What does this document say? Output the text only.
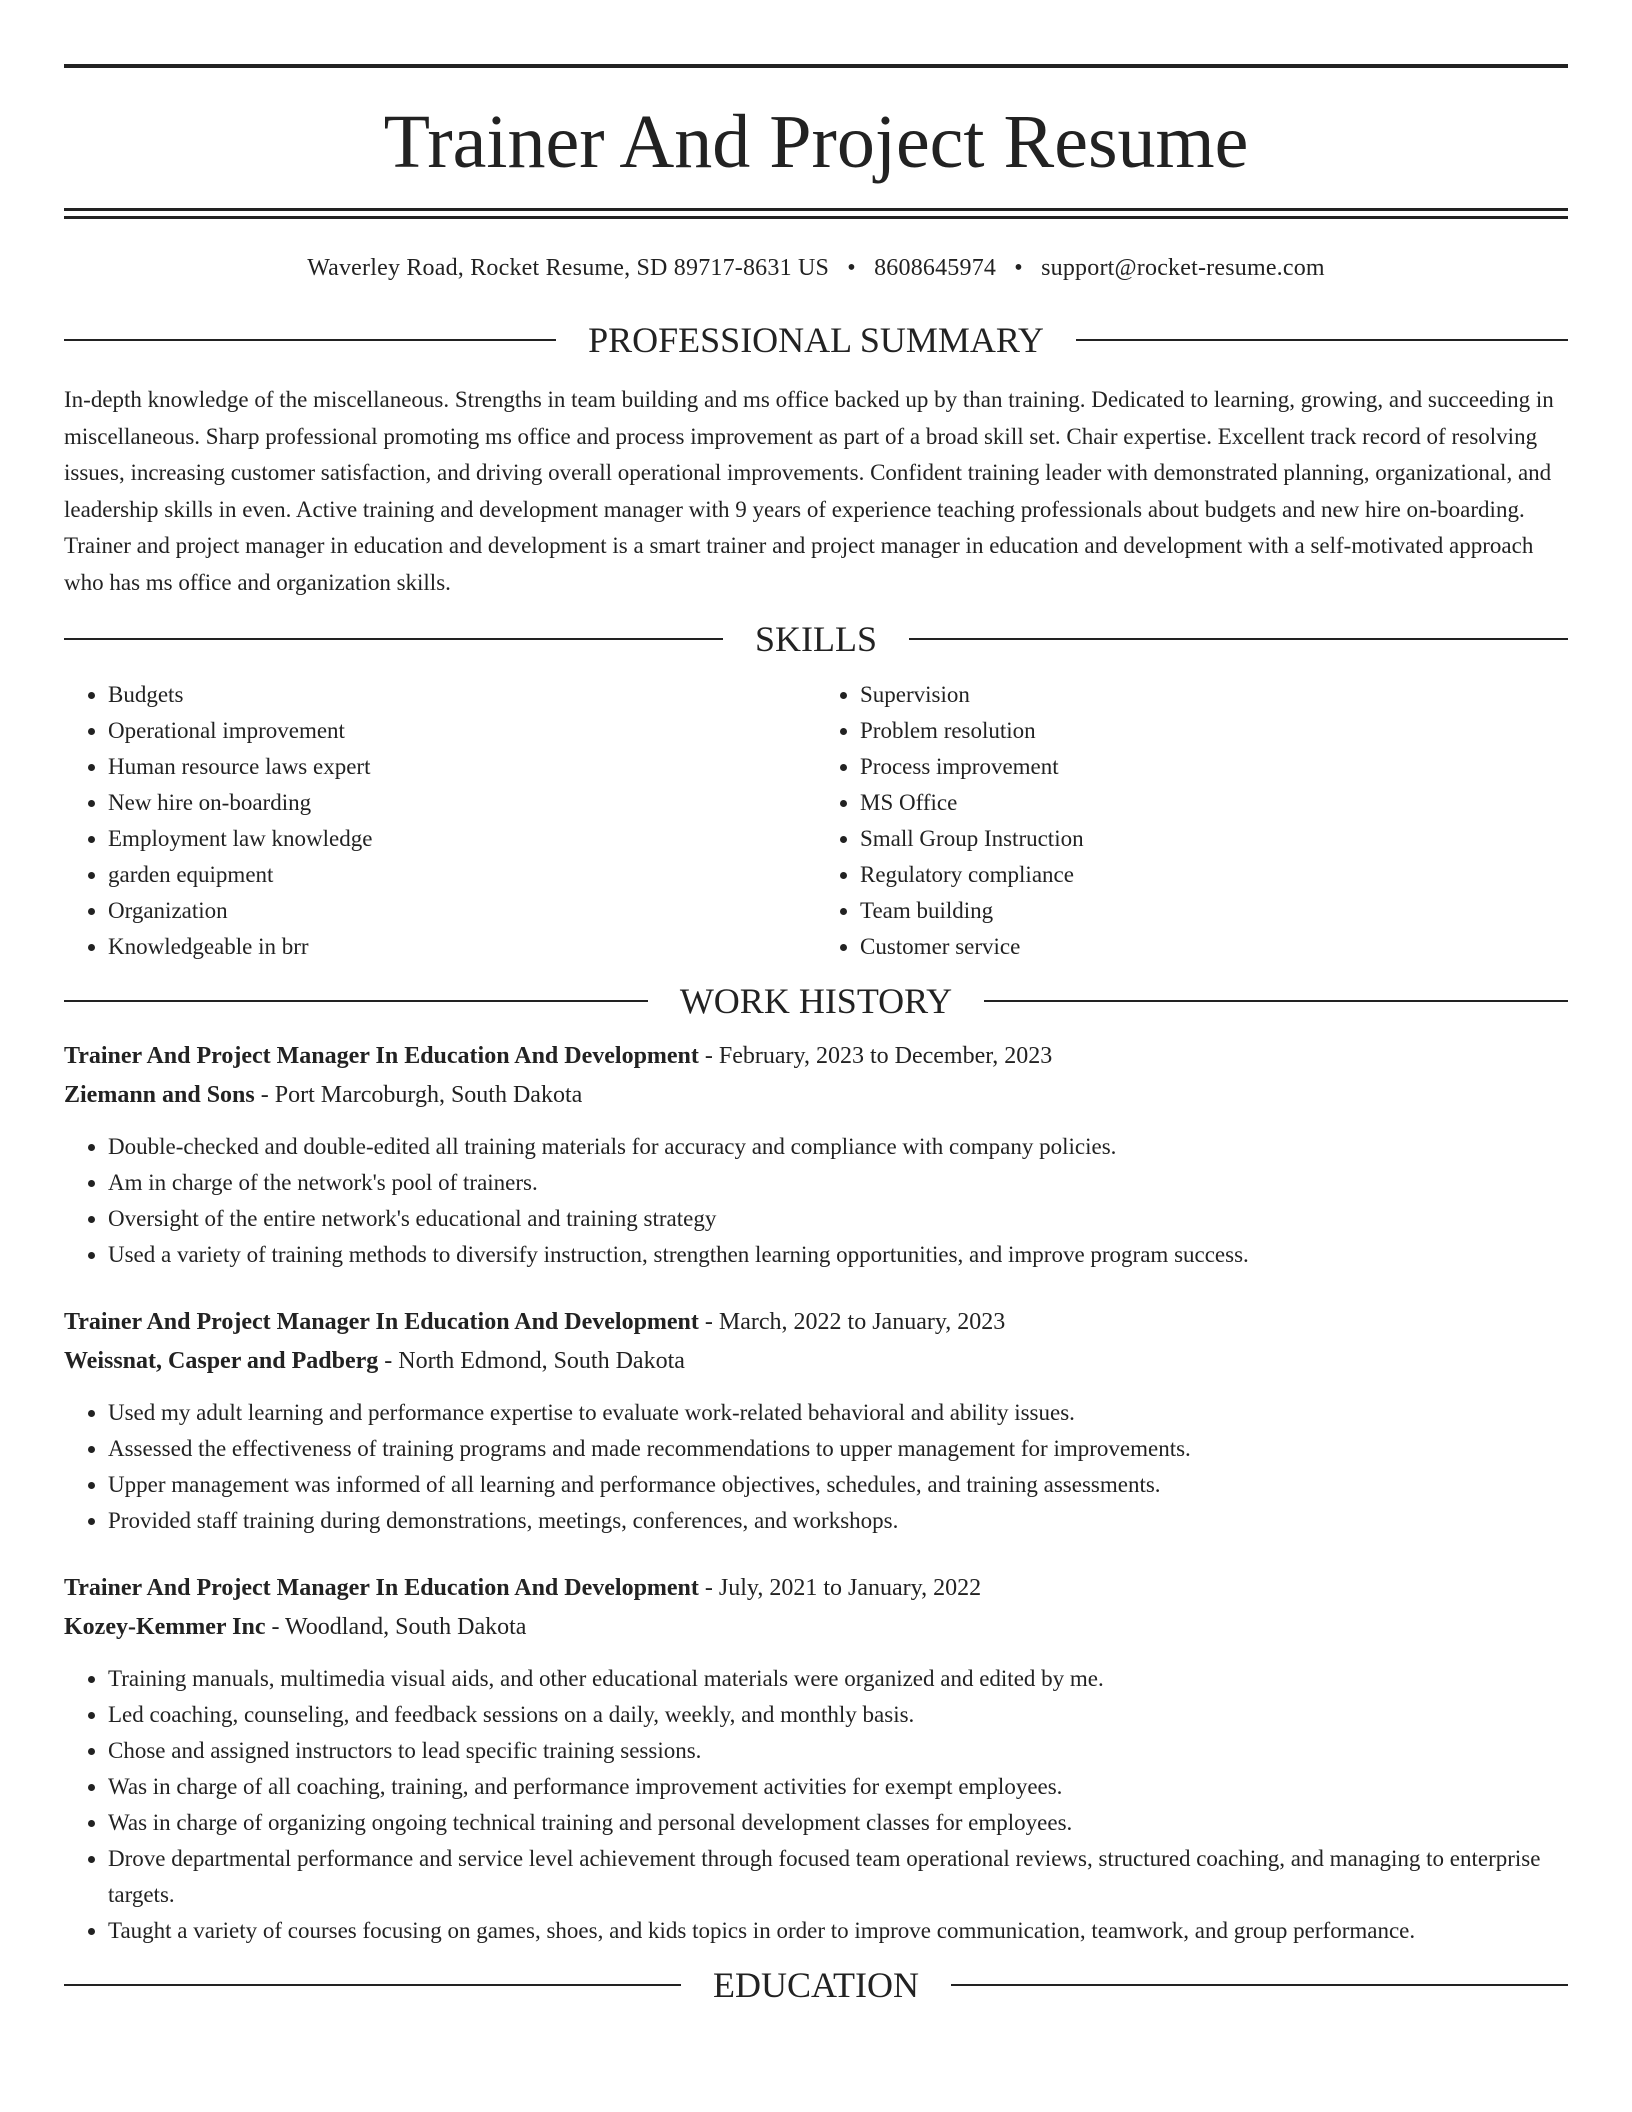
Trainer And Project Resume
Waverley Road, Rocket Resume, SD 89717-8631 US • 8608645974 • support@rocket-resume.com
PROFESSIONAL SUMMARY

In-depth knowledge of the miscellaneous. Strengths in team building and ms office backed up by than training. Dedicated to learning, growing, and succeeding in miscellaneous. Sharp professional promoting ms office and process improvement as part of a broad skill set. Chair expertise. Excellent track record of resolving issues, increasing customer satisfaction, and driving overall operational improvements. Confident training leader with demonstrated planning, organizational, and leadership skills in even. Active training and development manager with 9 years of experience teaching professionals about budgets and new hire on-boarding. Trainer and project manager in education and development is a smart trainer and project manager in education and development with a self-motivated approach who has ms office and organization skills.

SKILLS
• Budgets
• Operational improvement
• Human resource laws expert
• New hire on-boarding
• Employment law knowledge
• garden equipment
• Organization
• Knowledgeable in brr
• Supervision
• Problem resolution
• Process improvement
• MS Office
• Small Group Instruction
• Regulatory compliance
• Team building
• Customer service
WORK HISTORY
Trainer And Project Manager In Education And Development - February, 2023 to December, 2023
Ziemann and Sons - Port Marcoburgh, South Dakota
• Double-checked and double-edited all training materials for accuracy and compliance with company policies.
• Am in charge of the network's pool of trainers.
• Oversight of the entire network's educational and training strategy
• Used a variety of training methods to diversify instruction, strengthen learning opportunities, and improve program success.
Trainer And Project Manager In Education And Development - March, 2022 to January, 2023
Weissnat, Casper and Padberg - North Edmond, South Dakota
• Used my adult learning and performance expertise to evaluate work-related behavioral and ability issues.
• Assessed the effectiveness of training programs and made recommendations to upper management for improvements.
• Upper management was informed of all learning and performance objectives, schedules, and training assessments.
• Provided staff training during demonstrations, meetings, conferences, and workshops.
Trainer And Project Manager In Education And Development - July, 2021 to January, 2022
Kozey-Kemmer Inc - Woodland, South Dakota
• Training manuals, multimedia visual aids, and other educational materials were organized and edited by me.
• Led coaching, counseling, and feedback sessions on a daily, weekly, and monthly basis.
• Chose and assigned instructors to lead specific training sessions.
• Was in charge of all coaching, training, and performance improvement activities for exempt employees.
• Was in charge of organizing ongoing technical training and personal development classes for employees.
• Drove departmental performance and service level achievement through focused team operational reviews, structured coaching, and managing to enterprise targets.
• Taught a variety of courses focusing on games, shoes, and kids topics in order to improve communication, teamwork, and group performance.
EDUCATION
